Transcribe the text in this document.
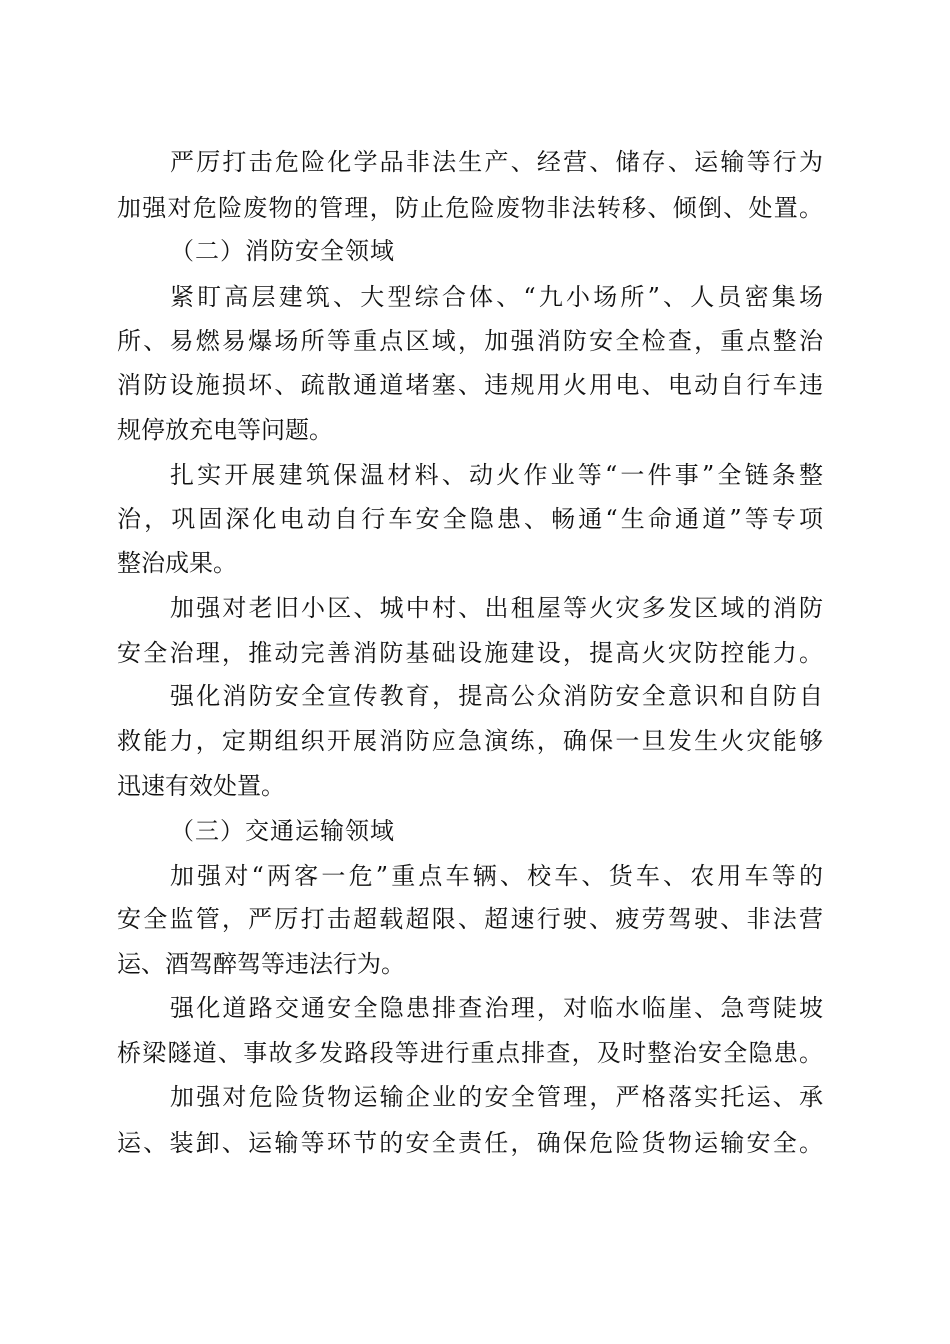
严厉打击危险化学品非法生产、经营、储存、运输等行为
加强对危险废物的管理，防止危险废物非法转移、倾倒、处置。
（二）消防安全领域
紧盯高层建筑、大型综合体、“九小场所”、人员密集场
所、易燃易爆场所等重点区域，加强消防安全检查，重点整治
消防设施损坏、疏散通道堵塞、违规用火用电、电动自行车违
规停放充电等问题。
扎实开展建筑保温材料、动火作业等“一件事”全链条整
治，巩固深化电动自行车安全隐患、畅通“生命通道”等专项
整治成果。
加强对老旧小区、城中村、出租屋等火灾多发区域的消防
安全治理，推动完善消防基础设施建设，提高火灾防控能力。
强化消防安全宣传教育，提高公众消防安全意识和自防自
救能力，定期组织开展消防应急演练，确保一旦发生火灾能够
迅速有效处置。
（三）交通运输领域
加强对“两客一危”重点车辆、校车、货车、农用车等的
安全监管，严厉打击超载超限、超速行驶、疲劳驾驶、非法营
运、酒驾醉驾等违法行为。
强化道路交通安全隐患排查治理，对临水临崖、急弯陡坡
桥梁隧道、事故多发路段等进行重点排查，及时整治安全隐患。
加强对危险货物运输企业的安全管理，严格落实托运、承
运、装卸、运输等环节的安全责任，确保危险货物运输安全。
